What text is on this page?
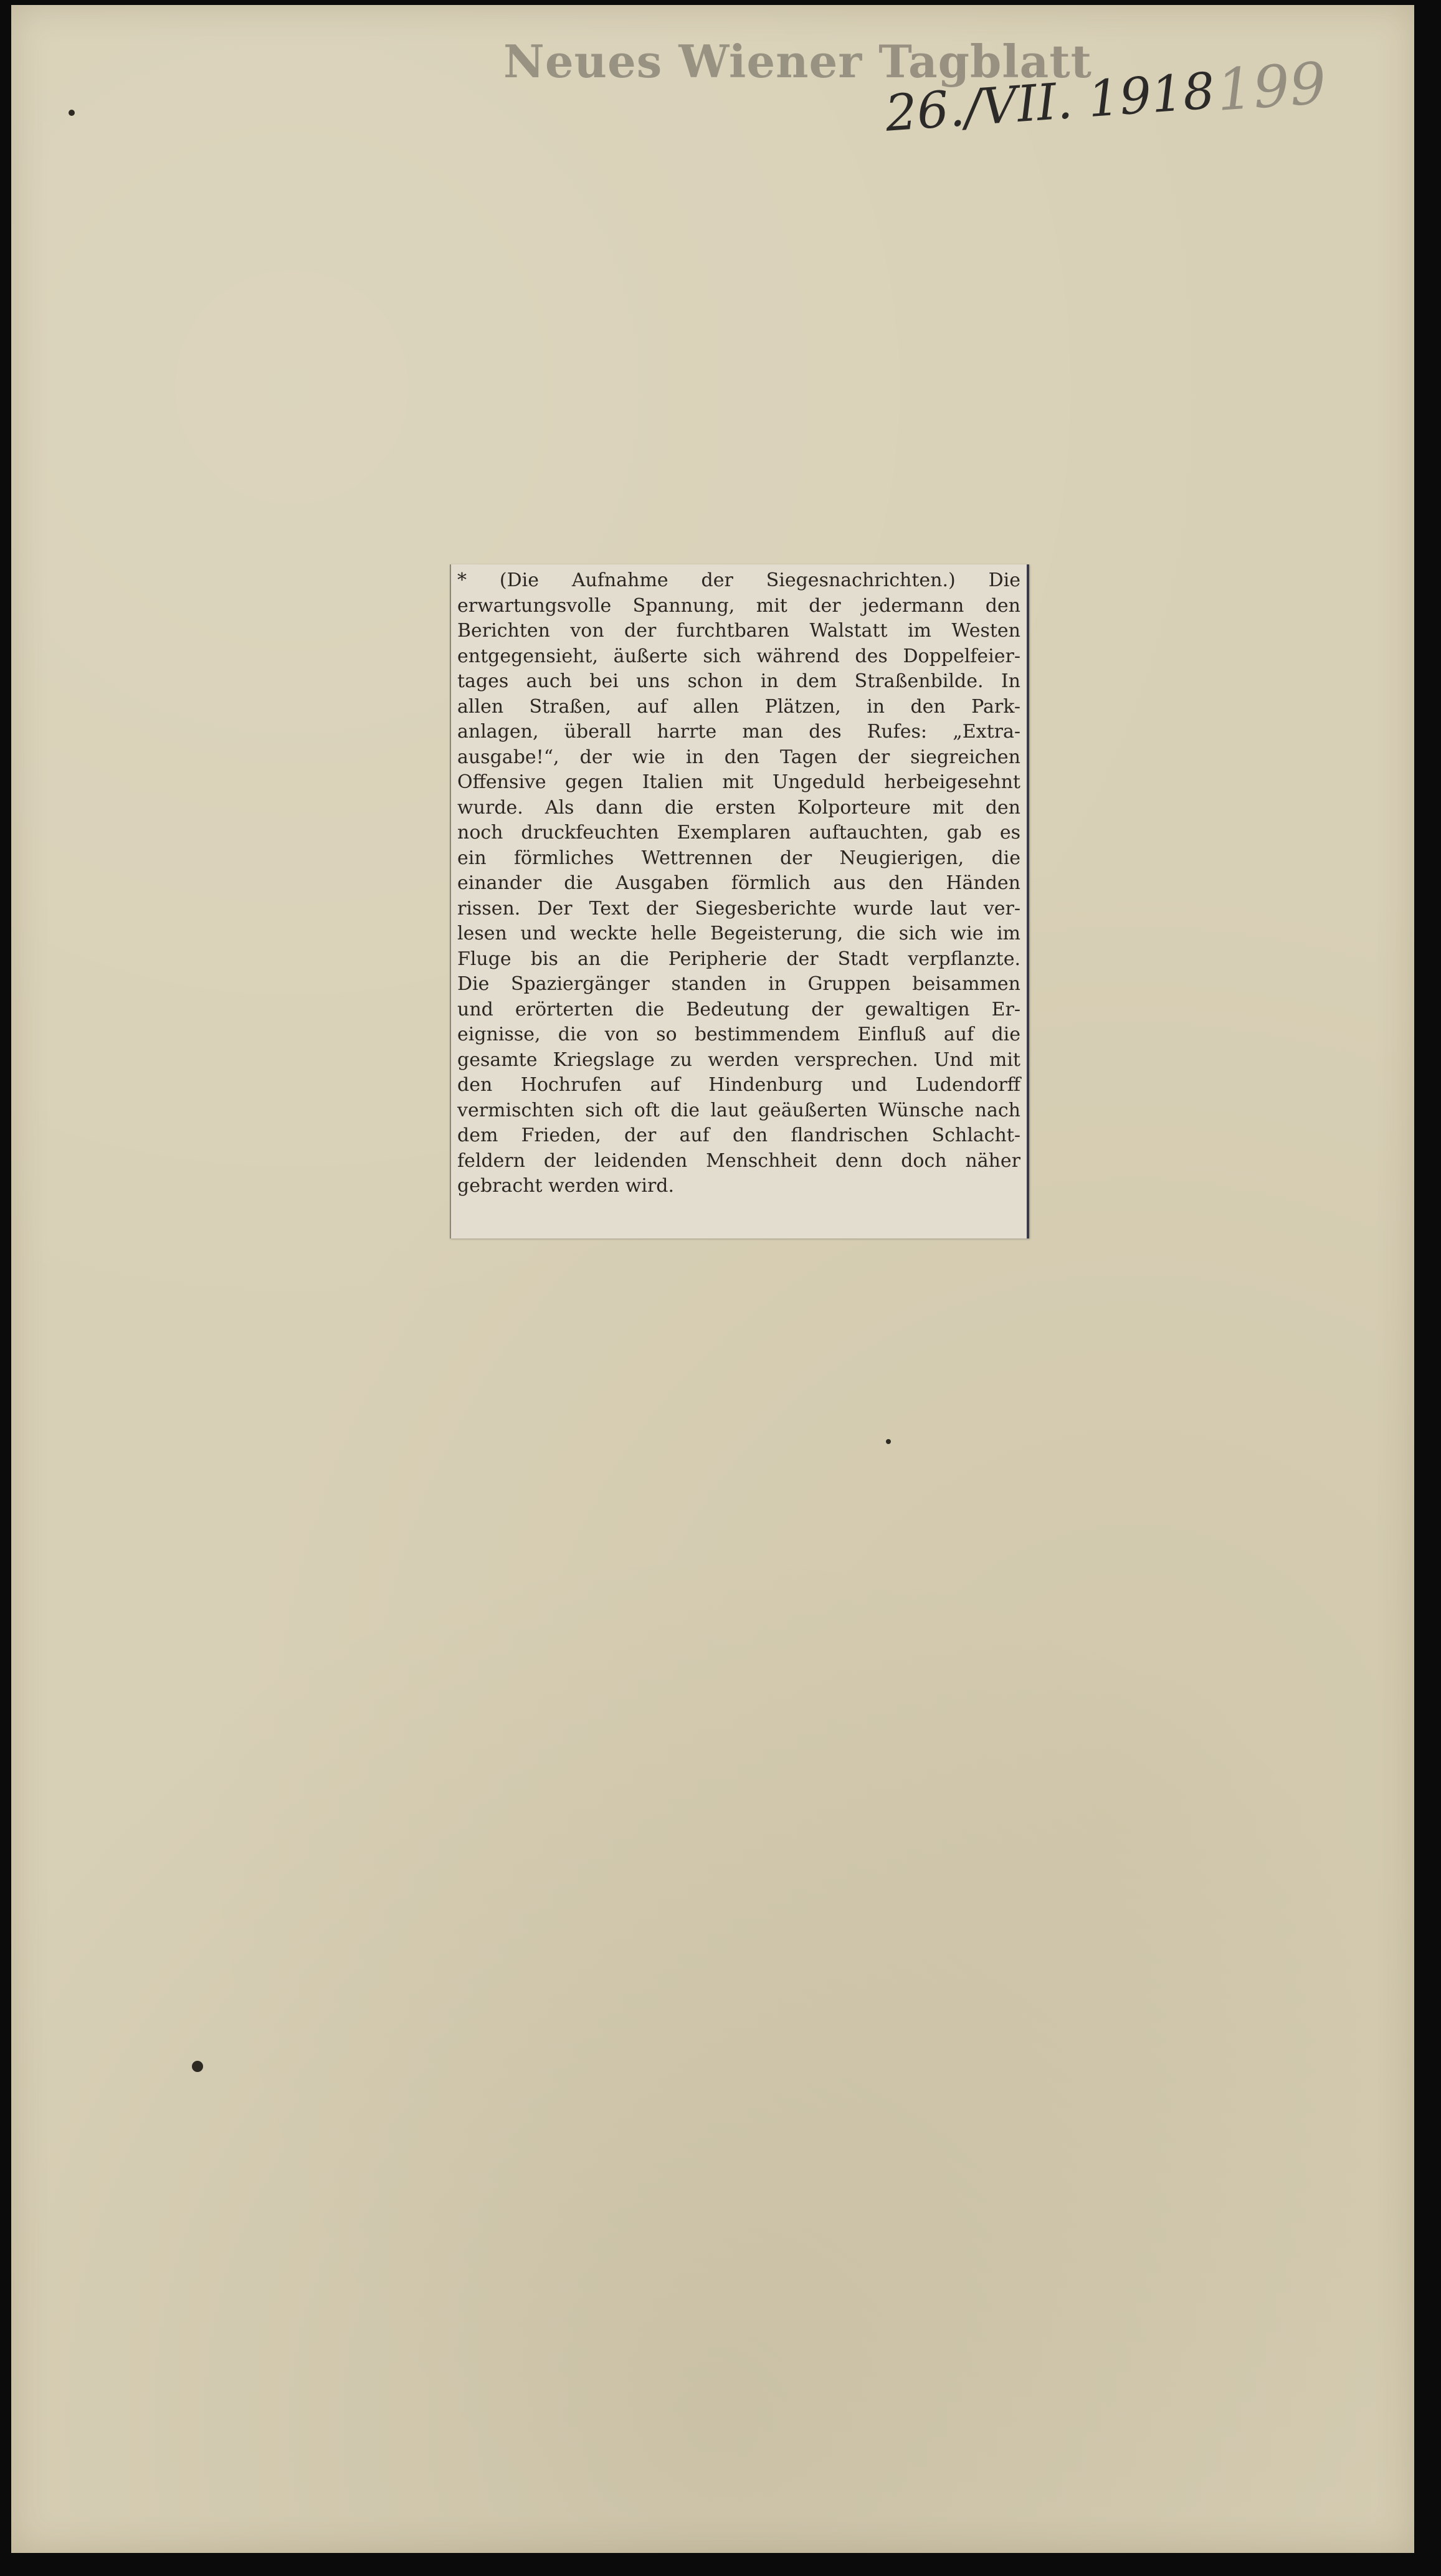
Neues Wiener Tagblatt
26./VII. 1918
199
* (Die Aufnahme der Siegesnachrichten.) Die
erwartungsvolle Spannung, mit der jedermann den
Berichten von der furchtbaren Walstatt im Westen
entgegensieht, äußerte sich während des Doppelfeier-
tages auch bei uns schon in dem Straßenbilde. In
allen Straßen, auf allen Plätzen, in den Park-
anlagen, überall harrte man des Rufes: „Extra-
ausgabe!“, der wie in den Tagen der siegreichen
Offensive gegen Italien mit Ungeduld herbeigesehnt
wurde. Als dann die ersten Kolporteure mit den
noch druckfeuchten Exemplaren auftauchten, gab es
ein förmliches Wettrennen der Neugierigen, die
einander die Ausgaben förmlich aus den Händen
rissen. Der Text der Siegesberichte wurde laut ver-
lesen und weckte helle Begeisterung, die sich wie im
Fluge bis an die Peripherie der Stadt verpflanzte.
Die Spaziergänger standen in Gruppen beisammen
und erörterten die Bedeutung der gewaltigen Er-
eignisse, die von so bestimmendem Einfluß auf die
gesamte Kriegslage zu werden versprechen. Und mit
den Hochrufen auf Hindenburg und Ludendorff
vermischten sich oft die laut geäußerten Wünsche nach
dem Frieden, der auf den flandrischen Schlacht-
feldern der leidenden Menschheit denn doch näher
gebracht werden wird.
